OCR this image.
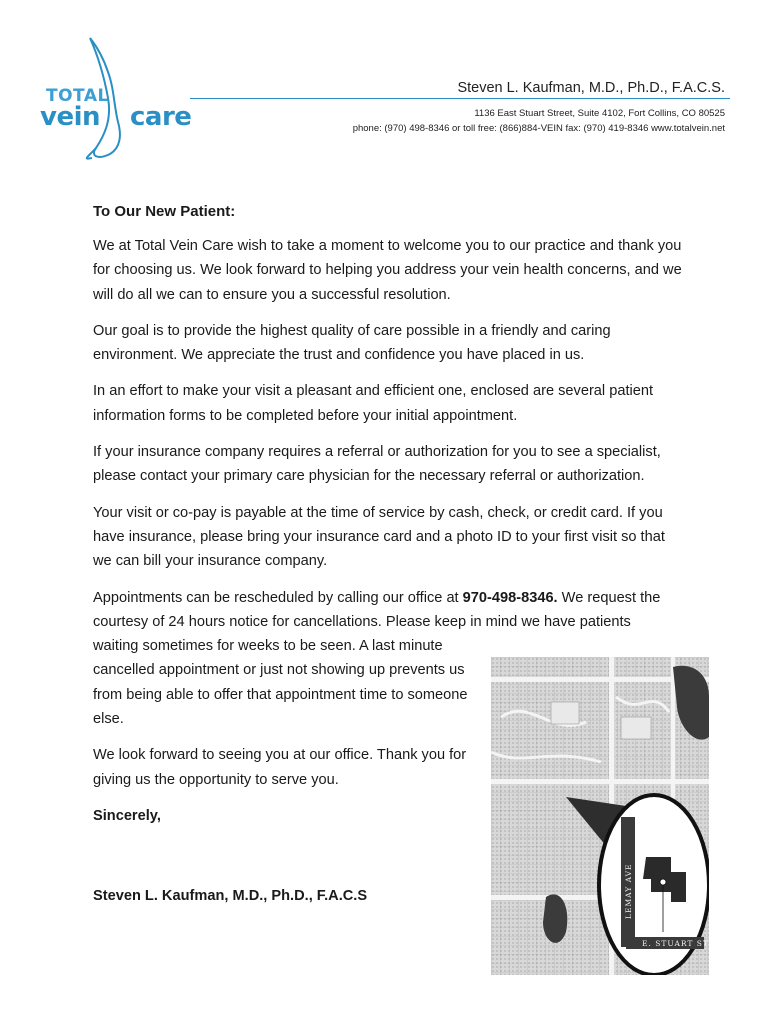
TOTAL
vein care
Steven L. Kaufman, M.D., Ph.D., F.A.C.S.
1136 East Stuart Street, Suite 4102, Fort Collins, CO 80525
phone: (970) 498-8346 or toll free: (866)884-VEIN fax: (970) 419-8346 www.totalvein.net

To Our New Patient:

We at Total Vein Care wish to take a moment to welcome you to our practice and thank you for choosing us. We look forward to helping you address your vein health concerns, and we will do all we can to ensure you a successful resolution.

Our goal is to provide the highest quality of care possible in a friendly and caring environment. We appreciate the trust and confidence you have placed in us.

In an effort to make your visit a pleasant and efficient one, enclosed are several patient information forms to be completed before your initial appointment.

If your insurance company requires a referral or authorization for you to see a specialist, please contact your primary care physician for the necessary referral or authorization.

Your visit or co-pay is payable at the time of service by cash, check, or credit card. If you have insurance, please bring your insurance card and a photo ID to your first visit so that we can bill your insurance company.

Appointments can be rescheduled by calling our office at 970-498-8346. We request the courtesy of 24 hours notice for cancellations. Please keep in mind we have patients

waiting sometimes for weeks to be seen. A last minute cancelled appointment or just not showing up prevents us from being able to offer that appointment time to someone else.

We look forward to seeing you at our office. Thank you for giving us the opportunity to serve you.

Sincerely,

Steven L. Kaufman, M.D., Ph.D., F.A.C.S	LEMAY AVE
E. STUART ST
